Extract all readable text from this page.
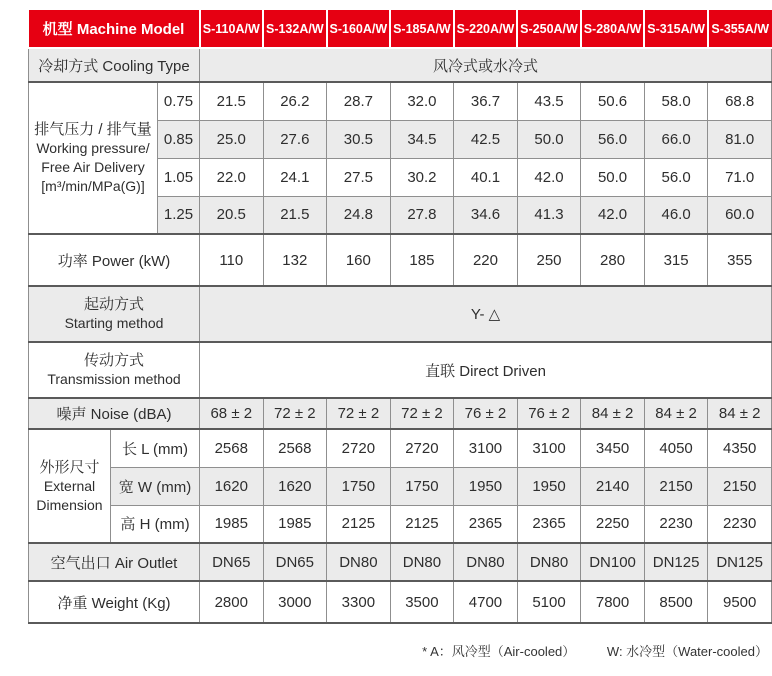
机型 Machine Model			S-110A/W	S-132A/W	S-160A/W	S-185A/W	S-220A/W	S-250A/W	S-280A/W	S-315A/W	S-355A/W
冷却方式 Cooling Type			风冷式或水冷式								

排气压力 / 排气量
Working pressure/
Free Air Delivery
[m³/min/MPa(G)]		0.75	21.5	26.2	28.7	32.0	36.7	43.5	50.6	58.0	68.8
		0.85	25.0	27.6	30.5	34.5	42.5	50.0	56.0	66.0	81.0
		1.05	22.0	24.1	27.5	30.2	40.1	42.0	50.0	56.0	71.0
		1.25	20.5	21.5	24.8	27.8	34.6	41.3	42.0	46.0	60.0
功率 Power (kW)			110	132	160	185	220	250	280	315	355

起动方式
Starting method			Y- △								

传动方式
Transmission method			直联 Direct Driven								
噪声 Noise (dBA)			68 ± 2	72 ± 2	72 ± 2	72 ± 2	76 ± 2	76 ± 2	84 ± 2	84 ± 2	84 ± 2

外形尺寸
External
Dimension	长 L (mm)		2568	2568	2720	2720	3100	3100	3450	4050	4350
	宽 W (mm)		1620	1620	1750	1750	1950	1950	2140	2150	2150
	高 H (mm)		1985	1985	2125	2125	2365	2365	2250	2230	2230
空气出口 Air Outlet			DN65	DN65	DN80	DN80	DN80	DN80	DN100	DN125	DN125
净重 Weight (Kg)			2800	3000	3300	3500	4700	5100	7800	8500	9500
* A：风冷型（Air-cooled） W: 水冷型（Water-cooled）
